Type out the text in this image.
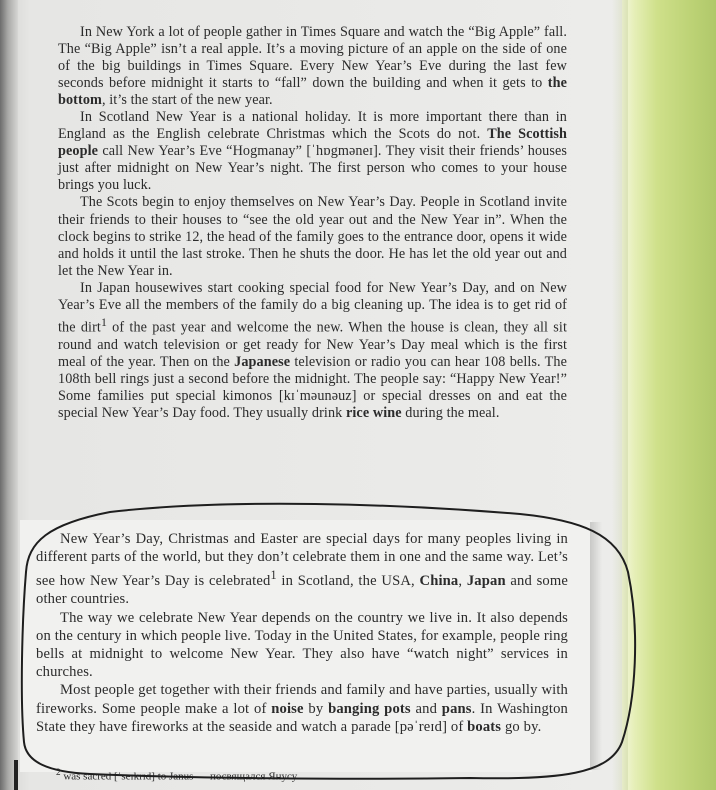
In New York a lot of people gather in Times Square and watch the “Big Apple” fall. The “Big Apple” isn’t a real apple. It’s a moving picture of an apple on the side of one of the big buildings in Times Square. Every New Year’s Eve during the last few seconds before midnight it starts to “fall” down the building and when it gets to the bottom, it’s the start of the new year.

In Scotland New Year is a national holiday. It is more important there than in England as the English celebrate Christmas which the Scots do not. The Scottish people call New Year’s Eve “Hogmanay” [ˈhɒgməneɪ]. They visit their friends’ houses just after midnight on New Year’s night. The first person who comes to your house brings you luck.

The Scots begin to enjoy themselves on New Year’s Day. People in Scotland invite their friends to their houses to “see the old year out and the New Year in”. When the clock begins to strike 12, the head of the family goes to the entrance door, opens it wide and holds it until the last stroke. Then he shuts the door. He has let the old year out and let the New Year in.

In Japan housewives start cooking special food for New Year’s Day, and on New Year’s Eve all the members of the family do a big cleaning up. The idea is to get rid of the dirt$^1$ of the past year and welcome the new. When the house is clean, they all sit round and watch television or get ready for New Year’s Day meal which is the first meal of the year. Then on the Japanese television or radio you can hear 108 bells. The 108th bell rings just a second before the midnight. The people say: “Happy New Year!” Some families put special kimonos [kɪˈməunəuz] or special dresses on and eat the special New Year’s Day food. They usually drink rice wine during the meal.

New Year’s Day, Christmas and Easter are special days for many peoples living in different parts of the world, but they don’t celebrate them in one and the same way. Let’s see how New Year’s Day is celebrated$^1$ in Scotland, the USA, China, Japan and some other countries.

The way we celebrate New Year depends on the country we live in. It also depends on the century in which people live. Today in the United States, for example, people ring bells at midnight to welcome New Year. They also have “watch night” services in churches.

Most people get together with their friends and family and have parties, usually with fireworks. Some people make a lot of noise by banging pots and pans. In Washington State they have fireworks at the seaside and watch a parade [pəˈreɪd] of boats go by.

$^2$ was sacred [ˈseɪkrɪd] to Janus — посвящался Янусу
